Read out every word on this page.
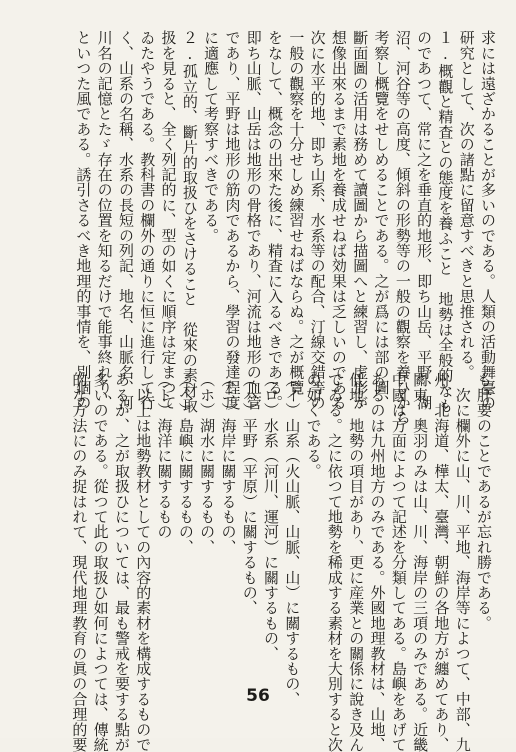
求には遠ざかることが多いのである。人類の活動舞臺の
研究として、次の諸點に留意すべきと思推される。
１.概觀と精査との態度を養ふこと　地勢は全般的なも
のであつて、常に之を垂直的地形、即ち山岳、平野、湖
沼、河谷等の高度、傾斜の形勢等の一般の觀察を養ひから
考察し概覽をせしめることである。之が爲には部の圖、
斷面圖の活用は務めて讀圖から描圖へと練習し、虚形が
想像出來るまで素地を養成せねば効果は乏しいのである
次に水平的地、即ち山系、水系等の配合、汀線交錯等の
一般の觀察を十分せしめ練習せねばならぬ。之が概覽
をなして、概念の出來た後に、精査に入るべきである。
即ち山脈、山岳は地形の骨格であり、河流は地形の血管
であり、平野は地形の筋肉であるから、學習の發達程度
に適應して考察すべきである。
２.孤立的、斷片的取扱ひをさけること　從來の素材取
扱を見ると、全く列記的に、型の如くに順序は定まつて
ゐたやうである。教科書の欄外の通りに恒に進行して行
く、山系の名稱、水系の長短の列記、地名、山脈名、河
川名の記憶とたゞ存在の位置を知るだけで能事終れり、
といつた風である。誘引さるべき地理的事情を、別個の
も肝要のことであるが忘れ勝である。
　次に欄外に山、川、平地、海岸等によつて、中部、九
州、北海道、樺太、臺灣、朝鮮の各地方が纏めてあり、
關東、奧羽のみは山、川、海岸の三項のみである。近畿
中國は方面によつて記述を分類してある。島嶼をあげて
あるのは九州地方のみである。外國地理教材は、山地、
低地、地勢の項目があり、更に産業との關係に說き及ん
でゐる。之に依つて地勢を稀成する素材を大別すると次
の如くである。
（イ）山系（火山脈、山脈、山）に關するもの、
（ロ）水系（河川、運河）に關するもの、
（ハ）平野（平原）に關するもの、
（ニ）海岸に關するもの、
（ホ）湖水に關するもの、
（ヘ）島嶼に關するもの、
（ト）海洋に關するもの
　以上は地勢教材としての內容的素材を構成するもので
あるが、之が取扱ひについては、最も警戒を要する點が
多いのである。從つて此の取扱ひ如何によつては、傳統
的な方法にのみ捉はれて、現代地理教育の眞の合理的要	56
